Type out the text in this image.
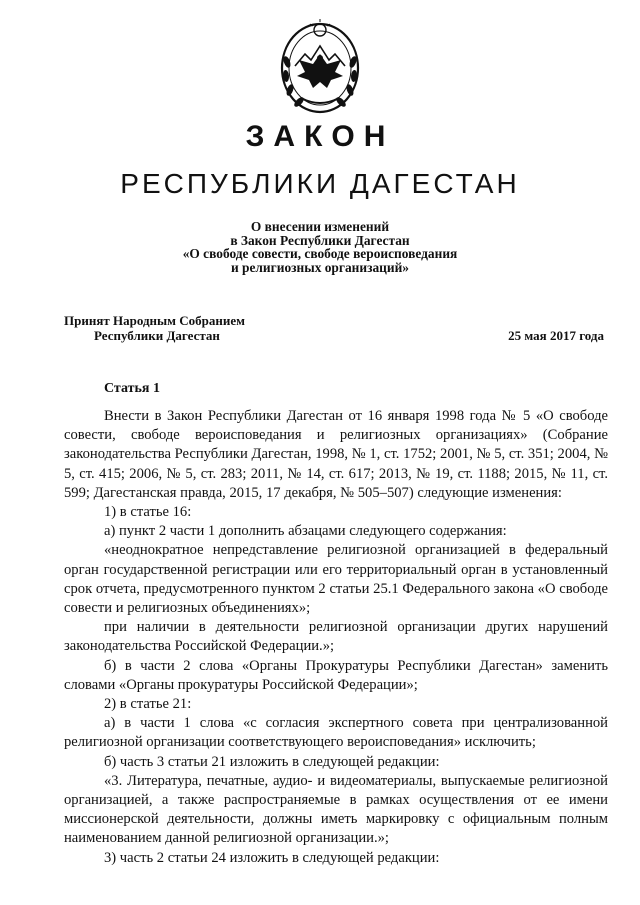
ЗАКОН
РЕСПУБЛИКИ ДАГЕСТАН
О внесении изменений
в Закон Республики Дагестан
«О свободе совести, свободе вероисповедания
и религиозных организаций»
Принят Народным Собранием
Республики Дагестан	25 мая 2017 года
Статья 1

Внести в Закон Республики Дагестан от 16 января 1998 года № 5 «О свободе совести, свободе вероисповедания и религиозных организациях» (Собрание законодательства Республики Дагестан, 1998, № 1, ст. 1752; 2001, № 5, ст. 351; 2004, № 5, ст. 415; 2006, № 5, ст. 283; 2011, № 14, ст. 617; 2013, № 19, ст. 1188; 2015, № 11, ст. 599; Дагестанская правда, 2015, 17 декабря, № 505–507) следующие изменения:

1) в статье 16:

а) пункт 2 части 1 дополнить абзацами следующего содержания:

«неоднократное непредставление религиозной организацией в федеральный орган государственной регистрации или его территориальный орган в установленный срок отчета, предусмотренного пунктом 2 статьи 25.1 Федерального закона «О свободе совести и религиозных объединениях»;

при наличии в деятельности религиозной организации других нарушений законодательства Российской Федерации.»;

б) в части 2 слова «Органы Прокуратуры Республики Дагестан» заменить словами «Органы прокуратуры Российской Федерации»;

2) в статье 21:

а) в части 1 слова «с согласия экспертного совета при централизованной религиозной организации соответствующего вероисповедания» исключить;

б) часть 3 статьи 21 изложить в следующей редакции:

«3. Литература, печатные, аудио- и видеоматериалы, выпускаемые религиозной организацией, а также распространяемые в рамках осуществления от ее имени миссионерской деятельности, должны иметь маркировку с официальным полным наименованием данной религиозной организации.»;

3) часть 2 статьи 24 изложить в следующей редакции:
